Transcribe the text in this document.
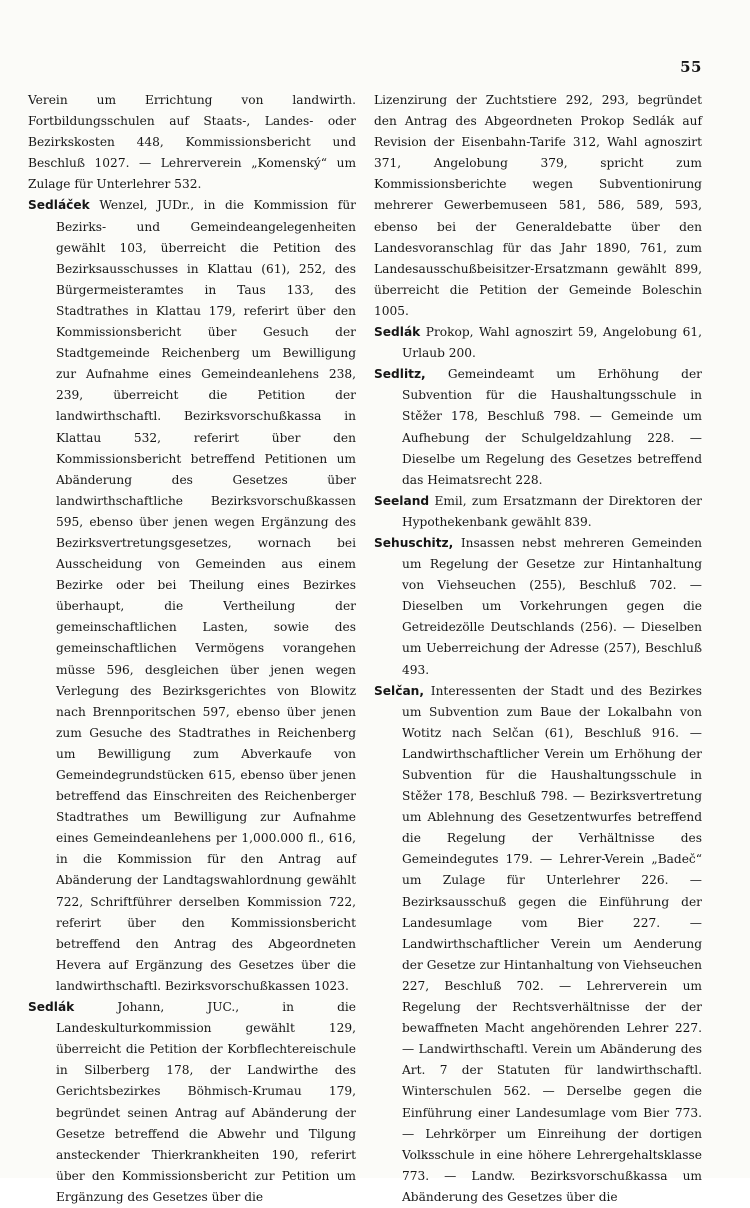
55

Verein um Errichtung von landwirth. Fortbildungsschulen auf Staats-, Landes- oder Bezirkskosten 448, Kommissionsbericht und Beschluß 1027. — Lehrerverein „Komenský“ um Zulage für Unterlehrer 532.

Sedláček Wenzel, JUDr., in die Kommission für Bezirks- und Gemeindeangelegenheiten gewählt 103, überreicht die Petition des Bezirksausschusses in Klattau (61), 252, des Bürgermeisteramtes in Taus 133, des Stadtrathes in Klattau 179, referirt über den Kommissionsbericht über Gesuch der Stadtgemeinde Reichenberg um Bewilligung zur Aufnahme eines Gemeindeanlehens 238, 239, überreicht die Petition der landwirthschaftl. Bezirksvorschußkassa in Klattau 532, referirt über den Kommissionsbericht betreffend Petitionen um Abänderung des Gesetzes über landwirthschaftliche Bezirksvorschußkassen 595, ebenso über jenen wegen Ergänzung des Bezirksvertretungsgesetzes, wornach bei Ausscheidung von Gemeinden aus einem Bezirke oder bei Theilung eines Bezirkes überhaupt, die Vertheilung der gemeinschaftlichen Lasten, sowie des gemeinschaftlichen Vermögens vorangehen müsse 596, desgleichen über jenen wegen Verlegung des Bezirksgerichtes von Blowitz nach Brennporitschen 597, ebenso über jenen zum Gesuche des Stadtrathes in Reichenberg um Bewilligung zum Abverkaufe von Gemeindegrundstücken 615, ebenso über jenen betreffend das Einschreiten des Reichenberger Stadtrathes um Bewilligung zur Aufnahme eines Gemeindeanlehens per 1,000.000 fl., 616, in die Kommission für den Antrag auf Abänderung der Landtagswahlordnung gewählt 722, Schriftführer derselben Kommission 722, referirt über den Kommissionsbericht betreffend den Antrag des Abgeordneten Hevera auf Ergänzung des Gesetzes über die landwirthschaftl. Bezirksvorschußkassen 1023.

Sedlák	Johann, JUC., in die Landeskulturkommission gewählt 129, überreicht die Petition der Korbflechtereischule in Silberberg 178, der Landwirthe des Gerichtsbezirkes Böhmisch-Krumau 179, begründet seinen Antrag auf Abänderung der Gesetze betreffend die Abwehr und Tilgung ansteckender Thierkrankheiten 190, referirt über den Kommissionsbericht zur Petition um Ergänzung des Gesetzes über die

Lizenzirung der Zuchtstiere 292, 293, begründet den Antrag des Abgeordneten Prokop Sedlák auf Revision der Eisenbahn-Tarife 312, Wahl agnoszirt 371, Angelobung 379, spricht zum Kommissionsberichte wegen Subventionirung mehrerer Gewerbemuseen 581, 586, 589, 593, ebenso bei der Generaldebatte über den Landesvoranschlag für das Jahr 1890, 761, zum Landesausschußbeisitzer-Ersatzmann gewählt 899, überreicht die Petition der Gemeinde Boleschin 1005.

Sedlák Prokop, Wahl agnoszirt 59, Angelobung 61, Urlaub 200.

Sedlitz, Gemeindeamt um Erhöhung der Subvention für die Haushaltungsschule in Stěžer 178, Beschluß 798. — Gemeinde um Aufhebung der Schulgeldzahlung 228. — Dieselbe um Regelung des Gesetzes betreffend das Heimatsrecht 228.

Seeland Emil, zum Ersatzmann der Direktoren der Hypothekenbank gewählt 839.

Sehuschitz, Insassen nebst mehreren Gemeinden um Regelung der Gesetze zur Hintanhaltung von Viehseuchen (255), Beschluß 702. — Dieselben um Vorkehrungen gegen die Getreidezölle Deutschlands (256). — Dieselben um Ueberreichung der Adresse (257), Beschluß 493.

Selčan, Interessenten der Stadt und des Bezirkes um Subvention zum Baue der Lokalbahn von Wotitz nach Selčan (61), Beschluß 916. — Landwirthschaftlicher Verein um Erhöhung der Subvention für die Haushaltungsschule in Stěžer 178, Beschluß 798. — Bezirksvertretung um Ablehnung des Gesetzentwurfes betreffend die Regelung der Verhältnisse des Gemeindegutes 179. — Lehrer-Verein „Badeč“ um Zulage für Unterlehrer 226. — Bezirksausschuß gegen die Einführung der Landesumlage vom Bier 227. — Landwirthschaftlicher Verein um Aenderung der Gesetze zur Hintanhaltung von Viehseuchen 227, Beschluß 702. — Lehrerverein um Regelung der Rechtsverhältnisse der der bewaffneten Macht angehörenden Lehrer 227. — Landwirthschaftl. Verein um Abänderung des Art. 7 der Statuten für landwirthschaftl. Winterschulen 562. — Derselbe gegen die Einführung einer Landesumlage vom Bier 773. — Lehrkörper um Einreihung der dortigen Volksschule in eine höhere Lehrergehaltsklasse 773. — Landw. Bezirksvorschußkassa um Abänderung des Gesetzes über die
